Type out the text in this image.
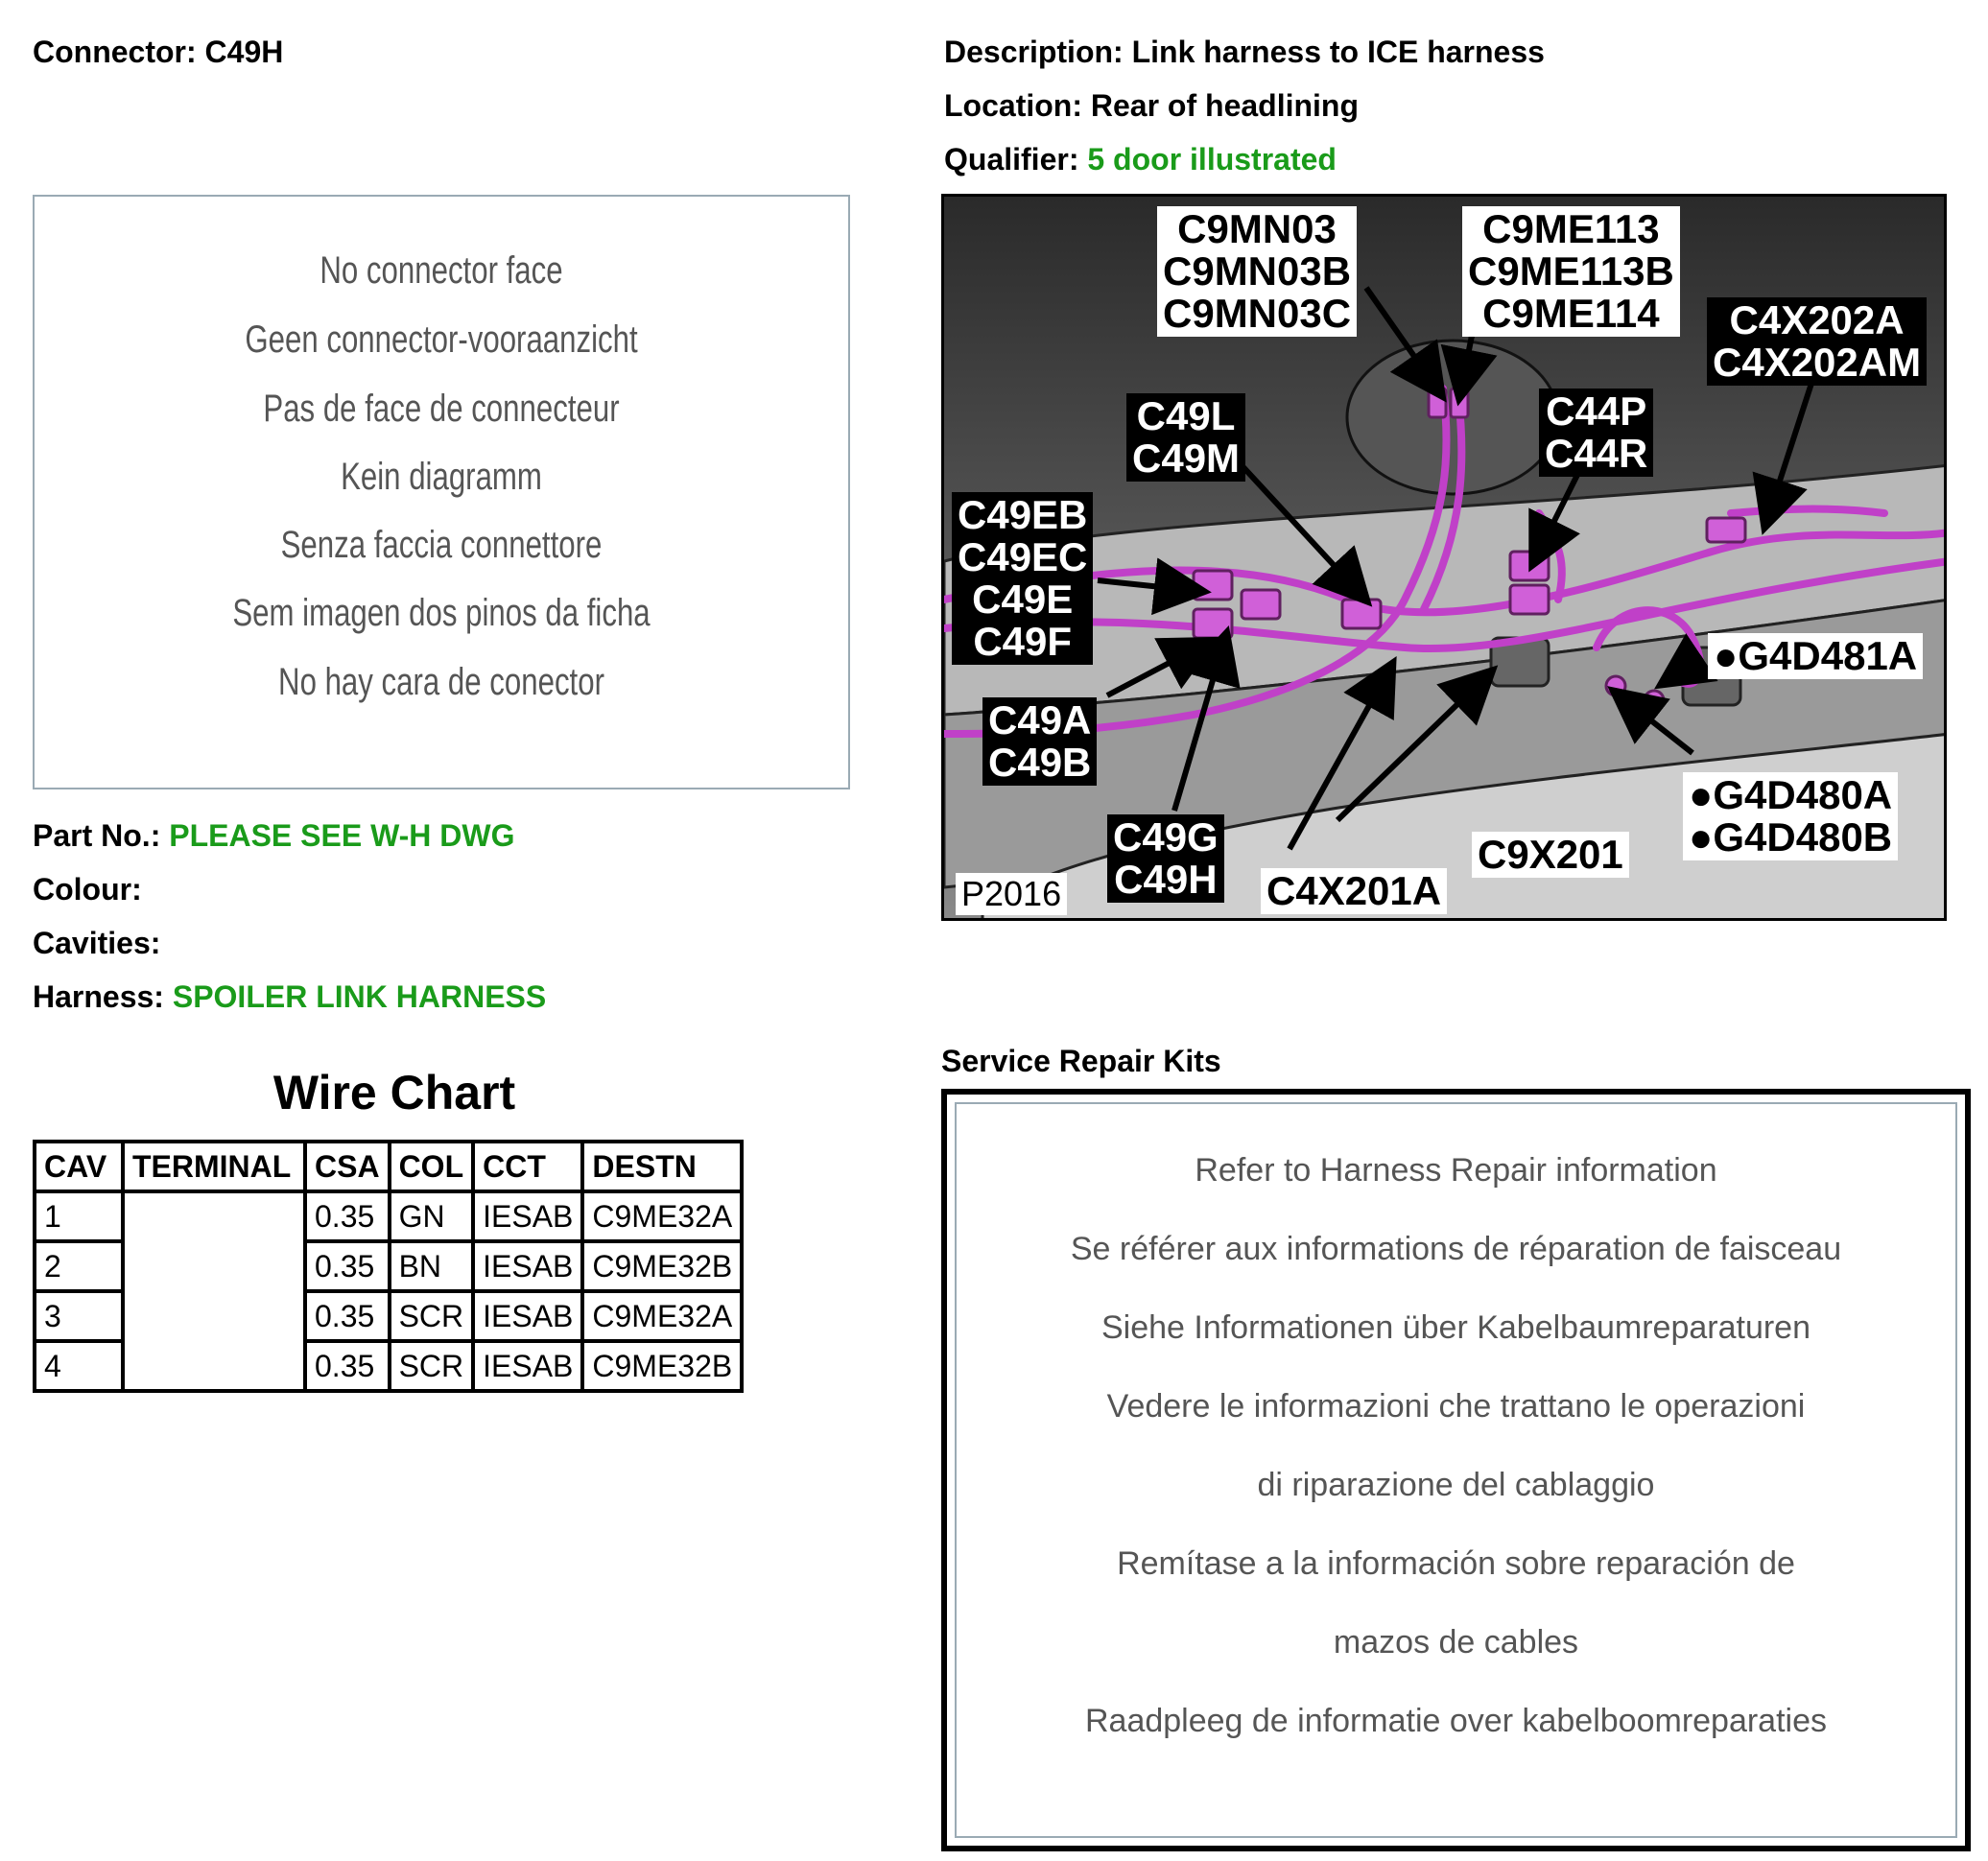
Connector: C49H	Description: Link harness to ICE harness
Location: Rear of headlining
Qualifier: 5 door illustrated
No connector face
Geen connector-vooraanzicht
Pas de face de connecteur
Kein diagramm
Senza faccia connettore
Sem imagen dos pinos da ficha
No hay cara de conector
Part No.: PLEASE SEE W-H DWG
Colour:
Cavities:
Harness: SPOILER LINK HARNESS
Wire Chart
CAV	TERMINAL	CSA	COL	CCT	DESTN
1		0.35	GN	IESAB	C9ME32A
2		0.35	BN	IESAB	C9ME32B
3		0.35	SCR	IESAB	C9ME32A
4		0.35	SCR	IESAB	C9ME32B
C9MN03
C9MN03B
C9MN03C
C9ME113
C9ME113B
C9ME114	C4X202A
C4X202AM
C49L
C49M
C44P
C44R
C49EB
C49EC
C49E
C49F	●G4D481A
C49A
C49B
●G4D480A
●G4D480B
C49G
C49H
C9X201
C4X201A
P2016
Service Repair Kits
Refer to Harness Repair information
Se référer aux informations de réparation de faisceau
Siehe Informationen über Kabelbaumreparaturen
Vedere le informazioni che trattano le operazioni
di riparazione del cablaggio
Remítase a la información sobre reparación de
mazos de cables
Raadpleeg de informatie over kabelboomreparaties
